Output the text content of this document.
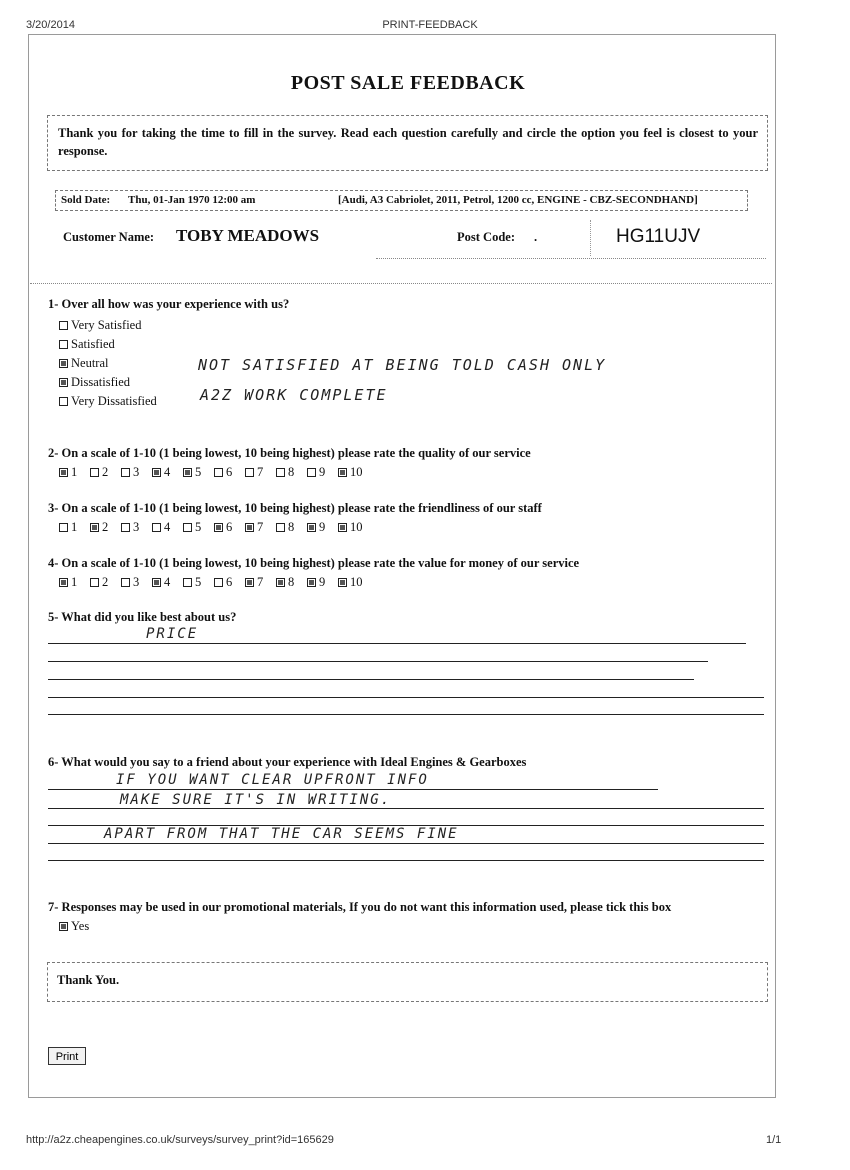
3/20/2014	PRINT-FEEDBACK
POST SALE FEEDBACK
Thank you for taking the time to fill in the survey. Read each question carefully and circle the option you feel is closest to your response.
Sold Date: Thu, 01-Jan 1970 12:00 am	[Audi, A3 Cabriolet, 2011, Petrol, 1200 cc, ENGINE - CBZ-SECONDHAND]
Customer Name: TOBY MEADOWS	Post Code: .	HG11UJV
1- Over all how was your experience with us?
Very Satisfied
Satisfied
Neutral
Dissatisfied
Very Dissatisfied
NOT SATISFIED AT BEING TOLD CASH ONLY
A2Z WORK COMPLETE
2- On a scale of 1-10 (1 being lowest, 10 being highest) please rate the quality of our service
1 2 3 4 5 6 7 8 9 10
3- On a scale of 1-10 (1 being lowest, 10 being highest) please rate the friendliness of our staff
1 2 3 4 5 6 7 8 9 10
4- On a scale of 1-10 (1 being lowest, 10 being highest) please rate the value for money of our service
1 2 3 4 5 6 7 8 9 10
5- What did you like best about us?
PRICE
6- What would you say to a friend about your experience with Ideal Engines & Gearboxes
IF YOU WANT CLEAR UPFRONT INFO
MAKE SURE IT'S IN WRITING.
APART FROM THAT THE CAR SEEMS FINE
7- Responses may be used in our promotional materials, If you do not want this information used, please tick this box
Yes
Thank You.
Print
http://a2z.cheapengines.co.uk/surveys/survey_print?id=165629	1/1
